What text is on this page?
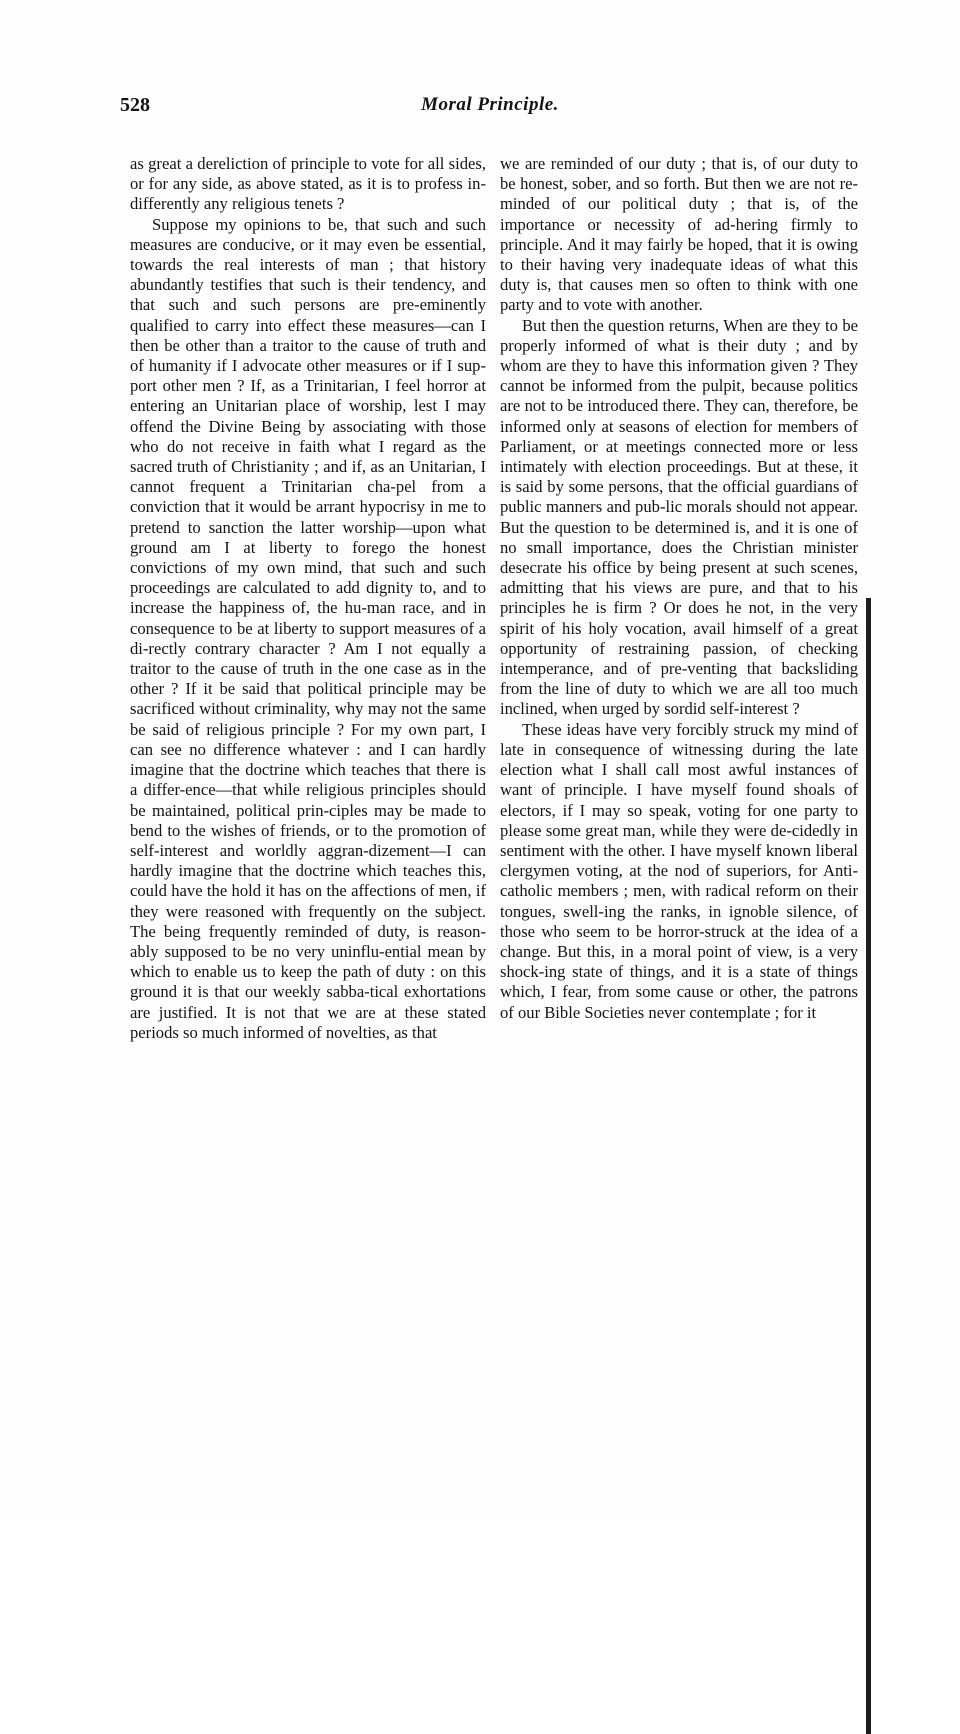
528	Moral Principle.

as great a dereliction of principle to vote for all sides, or for any side, as above stated, as it is to profess in-differently any religious tenets ?

Suppose my opinions to be, that such and such measures are conducive, or it may even be essential, towards the real interests of man ; that history abundantly testifies that such is their tendency, and that such and such persons are pre-eminently qualified to carry into effect these measures—can I then be other than a traitor to the cause of truth and of humanity if I advocate other measures or if I sup-port other men ? If, as a Trinitarian, I feel horror at entering an Unitarian place of worship, lest I may offend the Divine Being by associating with those who do not receive in faith what I regard as the sacred truth of Christianity ; and if, as an Unitarian, I cannot frequent a Trinitarian cha-pel from a conviction that it would be arrant hypocrisy in me to pretend to sanction the latter worship—upon what ground am I at liberty to forego the honest convictions of my own mind, that such and such proceedings are calculated to add dignity to, and to increase the happiness of, the hu-man race, and in consequence to be at liberty to support measures of a di-rectly contrary character ? Am I not equally a traitor to the cause of truth in the one case as in the other ? If it be said that political principle may be sacrificed without criminality, why may not the same be said of religious principle ? For my own part, I can see no difference whatever : and I can hardly imagine that the doctrine which teaches that there is a differ-ence—that while religious principles should be maintained, political prin-ciples may be made to bend to the wishes of friends, or to the promotion of self-interest and worldly aggran-dizement—I can hardly imagine that the doctrine which teaches this, could have the hold it has on the affections of men, if they were reasoned with frequently on the subject. The being frequently reminded of duty, is reason-ably supposed to be no very uninflu-ential mean by which to enable us to keep the path of duty : on this ground it is that our weekly sabba-tical exhortations are justified. It is not that we are at these stated periods so much informed of novelties, as that

we are reminded of our duty ; that is, of our duty to be honest, sober, and so forth. But then we are not re-minded of our political duty ; that is, of the importance or necessity of ad-hering firmly to principle. And it may fairly be hoped, that it is owing to their having very inadequate ideas of what this duty is, that causes men so often to think with one party and to vote with another.

But then the question returns, When are they to be properly informed of what is their duty ; and by whom are they to have this information given ? They cannot be informed from the pulpit, because politics are not to be introduced there. They can, therefore, be informed only at seasons of election for members of Parliament, or at meetings connected more or less intimately with election proceedings. But at these, it is said by some persons, that the official guardians of public manners and pub-lic morals should not appear. But the question to be determined is, and it is one of no small importance, does the Christian minister desecrate his office by being present at such scenes, admitting that his views are pure, and that to his principles he is firm ? Or does he not, in the very spirit of his holy vocation, avail himself of a great opportunity of restraining passion, of checking intemperance, and of pre-venting that backsliding from the line of duty to which we are all too much inclined, when urged by sordid self-interest ?

These ideas have very forcibly struck my mind of late in consequence of witnessing during the late election what I shall call most awful instances of want of principle. I have myself found shoals of electors, if I may so speak, voting for one party to please some great man, while they were de-cidedly in sentiment with the other. I have myself known liberal clergymen voting, at the nod of superiors, for Anti-catholic members ; men, with radical reform on their tongues, swell-ing the ranks, in ignoble silence, of those who seem to be horror-struck at the idea of a change. But this, in a moral point of view, is a very shock-ing state of things, and it is a state of things which, I fear, from some cause or other, the patrons of our Bible Societies never contemplate ; for it
